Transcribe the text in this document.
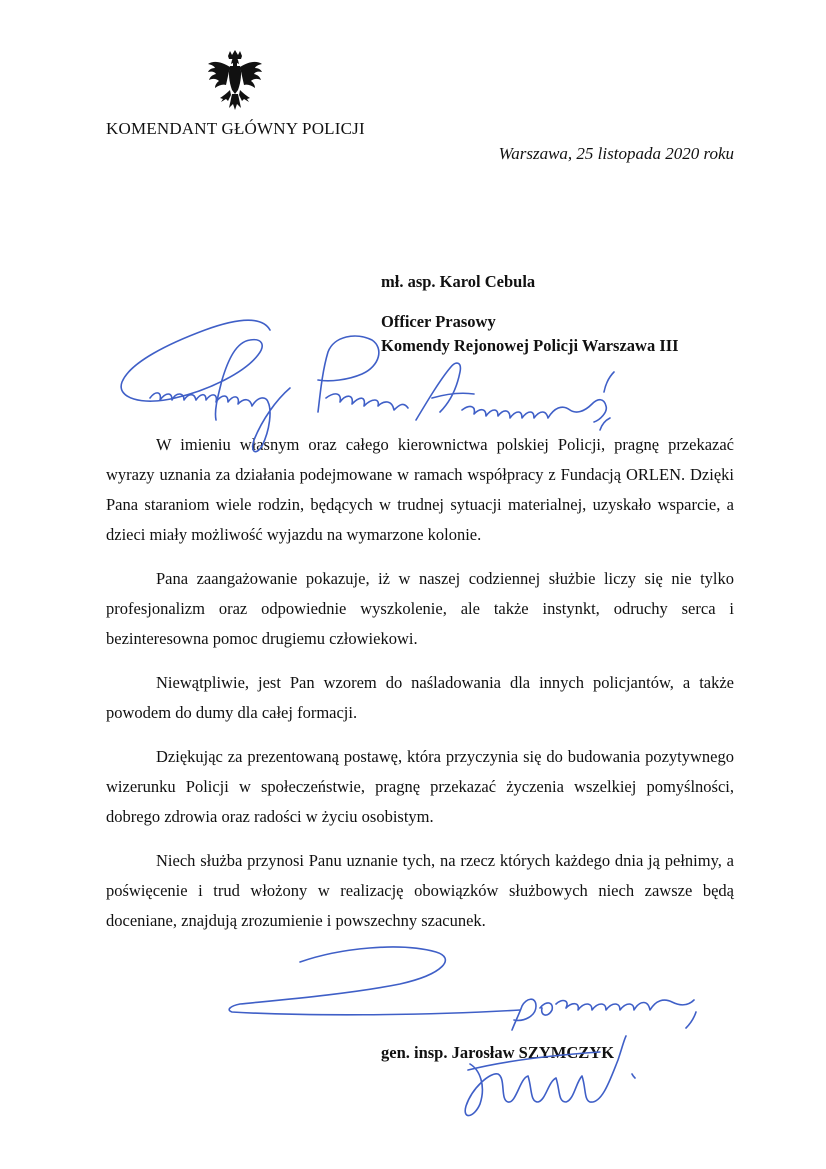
KOMENDANT GŁÓWNY POLICJI
Warszawa, 25 listopada 2020 roku
mł. asp. Karol Cebula
Officer Prasowy
Komendy Rejonowej Policji Warszawa III

W imieniu własnym oraz całego kierownictwa polskiej Policji, pragnę przekazać wyrazy uznania za działania podejmowane w ramach współpracy z Fundacją ORLEN. Dzięki Pana staraniom wiele rodzin, będących w trudnej sytuacji materialnej, uzyskało wsparcie, a dzieci miały możliwość wyjazdu na wymarzone kolonie.

Pana zaangażowanie pokazuje, iż w naszej codziennej służbie liczy się nie tylko profesjonalizm oraz odpowiednie wyszkolenie, ale także instynkt, odruchy serca i bezinteresowna pomoc drugiemu człowiekowi.

Niewątpliwie, jest Pan wzorem do naśladowania dla innych policjantów, a także powodem do dumy dla całej formacji.

Dziękując za prezentowaną postawę, która przyczynia się do budowania pozytywnego wizerunku Policji w społeczeństwie, pragnę przekazać życzenia wszelkiej pomyślności, dobrego zdrowia oraz radości w życiu osobistym.

Niech służba przynosi Panu uznanie tych, na rzecz których każdego dnia ją pełnimy, a poświęcenie i trud włożony w realizację obowiązków służbowych niech zawsze będą doceniane, znajdują zrozumienie i powszechny szacunek.

gen. insp. Jarosław SZYMCZYK
